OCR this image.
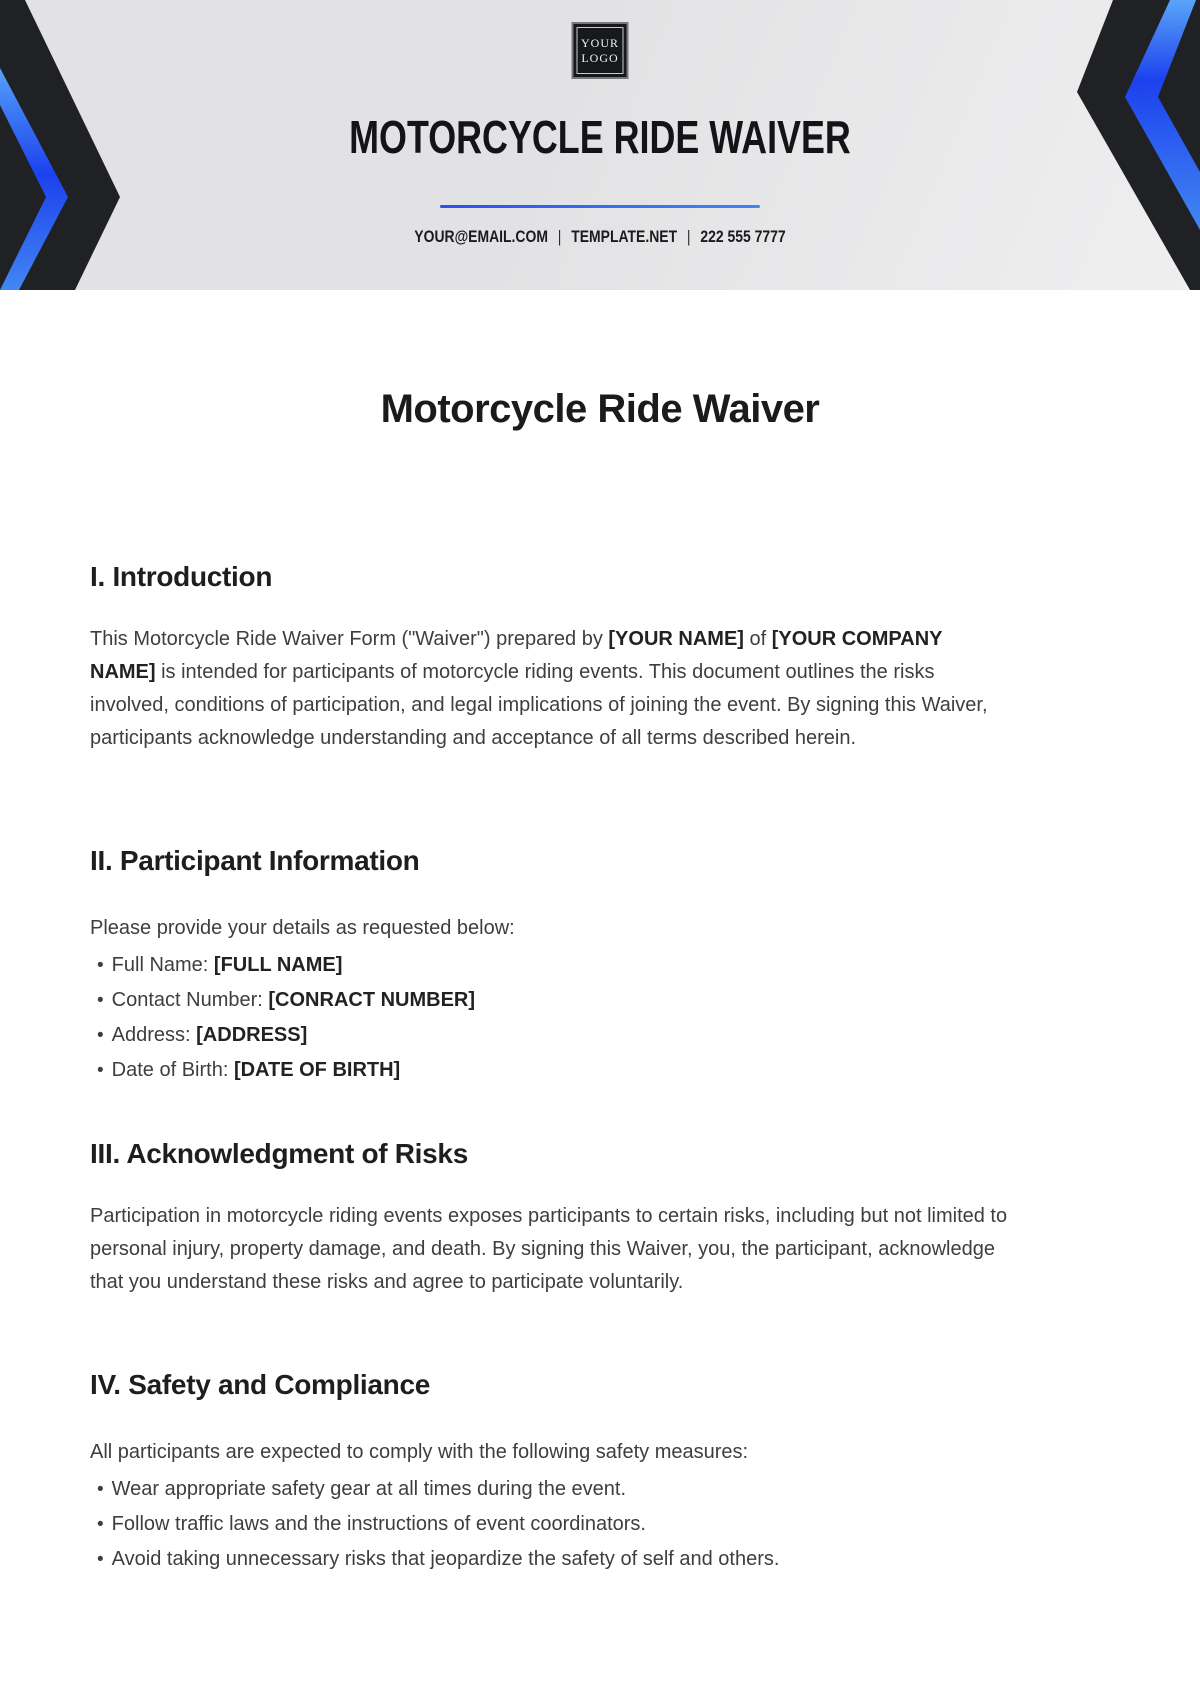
YOUR
LOGO
MOTORCYCLE RIDE WAIVER
YOUR@EMAIL.COM | TEMPLATE.NET | 222 555 7777
Motorcycle Ride Waiver
I. Introduction

This Motorcycle Ride Waiver Form ("Waiver") prepared by [YOUR NAME] of [YOUR COMPANY NAME] is intended for participants of motorcycle riding events. This document outlines the risks involved, conditions of participation, and legal implications of joining the event. By signing this Waiver, participants acknowledge understanding and acceptance of all terms described herein.

II. Participant Information

Please provide your details as requested below:

• Full Name: [FULL NAME]
• Contact Number: [CONRACT NUMBER]
• Address: [ADDRESS]
• Date of Birth: [DATE OF BIRTH]
III. Acknowledgment of Risks

Participation in motorcycle riding events exposes participants to certain risks, including but not limited to personal injury, property damage, and death. By signing this Waiver, you, the participant, acknowledge that you understand these risks and agree to participate voluntarily.

IV. Safety and Compliance

All participants are expected to comply with the following safety measures:

• Wear appropriate safety gear at all times during the event.
• Follow traffic laws and the instructions of event coordinators.
• Avoid taking unnecessary risks that jeopardize the safety of self and others.
